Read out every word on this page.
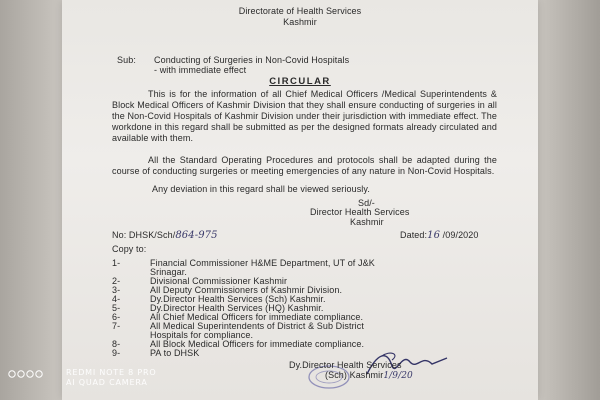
Directorate of Health Services
Kashmir
Sub: Conducting of Surgeries in Non-Covid Hospitals
- with immediate effect
CIRCULAR
This is for the information of all Chief Medical Officers /Medical Superintendents & Block Medical Officers of Kashmir Division that they shall ensure conducting of surgeries in all the Non-Covid Hospitals of Kashmir Division under their jurisdiction with immediate effect. The workdone in this regard shall be submitted as per the designed formats already circulated and available with them.
All the Standard Operating Procedures and protocols shall be adapted during the course of conducting surgeries or meeting emergencies of any nature in Non-Covid Hospitals.
Any deviation in this regard shall be viewed seriously.
Sd/-
Director Health Services
Kashmir
No: DHSK/Sch/864-975	Dated:16 /09/2020
Copy to:
1-	Financial Commissioner H&ME Department, UT of J&K
Srinagar.
2-	Divisional Commissioner Kashmir
3-	All Deputy Commissioners of Kashmir Division.
4-	Dy.Director Health Services (Sch) Kashmir.
5-	Dy.Director Health Services (HQ) Kashmir.
6-	All Chief Medical Officers for immediate compliance.
7-	All Medical Superintendents of District & Sub District
Hospitals for compliance.
8-	All Block Medical Officers for immediate compliance.
9-	PA to DHSK
Dy.Director Health Services
(Sch) Kashmir1/9/20
REDMI NOTE 8 PRO
AI QUAD CAMERA
